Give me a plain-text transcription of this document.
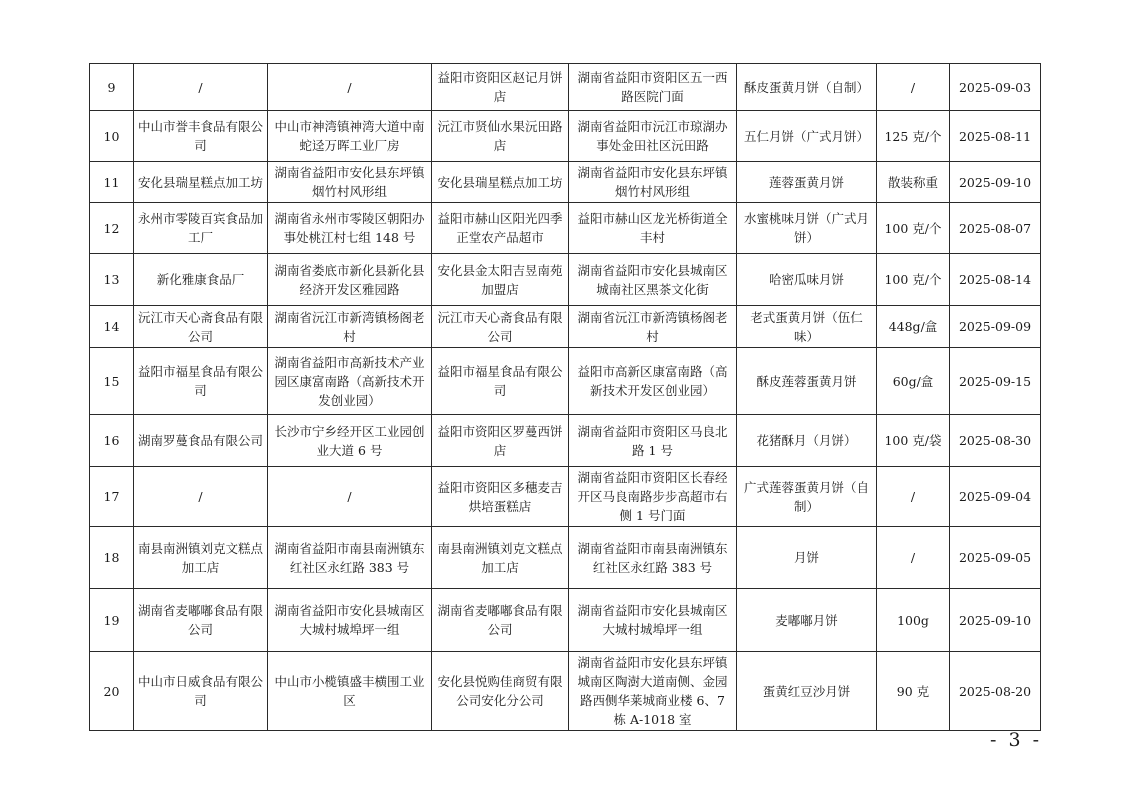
9	/	/	益阳市资阳区赵记月饼店	湖南省益阳市资阳区五一西路医院门面	酥皮蛋黄月饼（自制）	/	2025-09-03
10	中山市誉丰食品有限公司	中山市神湾镇神湾大道中南蛇迳万晖工业厂房	沅江市贤仙水果沅田路店	湖南省益阳市沅江市琼湖办事处金田社区沅田路	五仁月饼（广式月饼）	125 克/个	2025-08-11
11	安化县瑞星糕点加工坊	湖南省益阳市安化县东坪镇烟竹村风形组	安化县瑞星糕点加工坊	湖南省益阳市安化县东坪镇烟竹村风形组	莲蓉蛋黄月饼	散装称重	2025-09-10
12	永州市零陵百宾食品加工厂	湖南省永州市零陵区朝阳办事处桃江村七组 148 号	益阳市赫山区阳光四季正堂农产品超市	益阳市赫山区龙光桥街道全丰村	水蜜桃味月饼（广式月饼）	100 克/个	2025-08-07
13	新化雅康食品厂	湖南省娄底市新化县新化县经济开发区雅园路	安化县金太阳吉昱南苑加盟店	湖南省益阳市安化县城南区城南社区黑茶文化街	哈密瓜味月饼	100 克/个	2025-08-14
14	沅江市天心斋食品有限公司	湖南省沅江市新湾镇杨阁老村	沅江市天心斋食品有限公司	湖南省沅江市新湾镇杨阁老村	老式蛋黄月饼（伍仁味）	448g/盒	2025-09-09
15	益阳市福星食品有限公司	湖南省益阳市高新技术产业园区康富南路（高新技术开发创业园）	益阳市福星食品有限公司	益阳市高新区康富南路（高新技术开发区创业园）	酥皮莲蓉蛋黄月饼	60g/盒	2025-09-15
16	湖南罗蔓食品有限公司	长沙市宁乡经开区工业园创业大道 6 号	益阳市资阳区罗蔓西饼店	湖南省益阳市资阳区马良北路 1 号	花猪酥月（月饼）	100 克/袋	2025-08-30
17	/	/	益阳市资阳区多穗麦吉烘培蛋糕店	湖南省益阳市资阳区长春经开区马良南路步步高超市右侧 1 号门面	广式莲蓉蛋黄月饼（自制）	/	2025-09-04
18	南县南洲镇刘克文糕点加工店	湖南省益阳市南县南洲镇东红社区永红路 383 号	南县南洲镇刘克文糕点加工店	湖南省益阳市南县南洲镇东红社区永红路 383 号	月饼	/	2025-09-05
19	湖南省麦嘟嘟食品有限公司	湖南省益阳市安化县城南区大城村城埠坪一组	湖南省麦嘟嘟食品有限公司	湖南省益阳市安化县城南区大城村城埠坪一组	麦嘟嘟月饼	100g	2025-09-10
20	中山市日威食品有限公司	中山市小榄镇盛丰横围工业区	安化县悦购佳商贸有限公司安化分公司	湖南省益阳市安化县东坪镇城南区陶澍大道南侧、金园路西侧华莱城商业楼 6、7 栋 A-1018 室	蛋黄红豆沙月饼	90 克	2025-08-20
- 3 -
